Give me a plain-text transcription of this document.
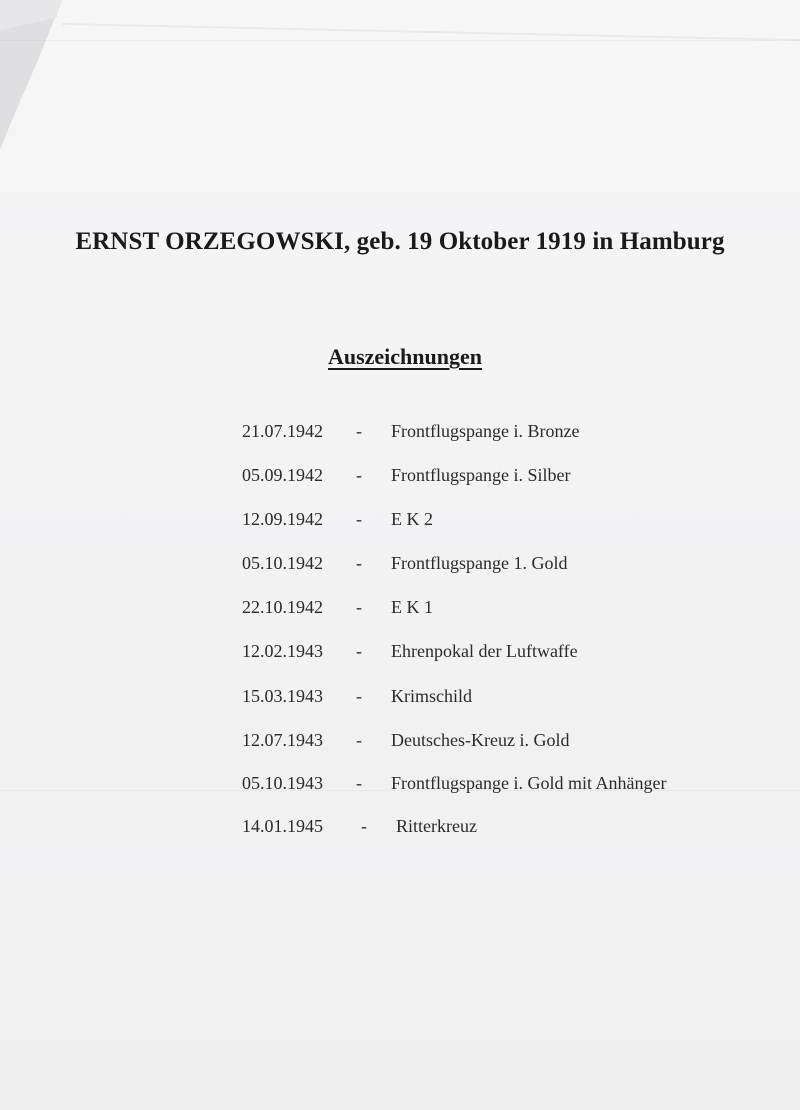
ERNST ORZEGOWSKI, geb. 19 Oktober 1919 in Hamburg
Auszeichnungen
21.07.1942 - Frontflugspange i. Bronze
05.09.1942 - Frontflugspange i. Silber
12.09.1942 - E K 2
05.10.1942 - Frontflugspange 1. Gold
22.10.1942 - E K 1
12.02.1943 - Ehrenpokal der Luftwaffe
15.03.1943 - Krimschild
12.07.1943 - Deutsches-Kreuz i. Gold
05.10.1943 - Frontflugspange i. Gold mit Anhänger
14.01.1945 - Ritterkreuz
